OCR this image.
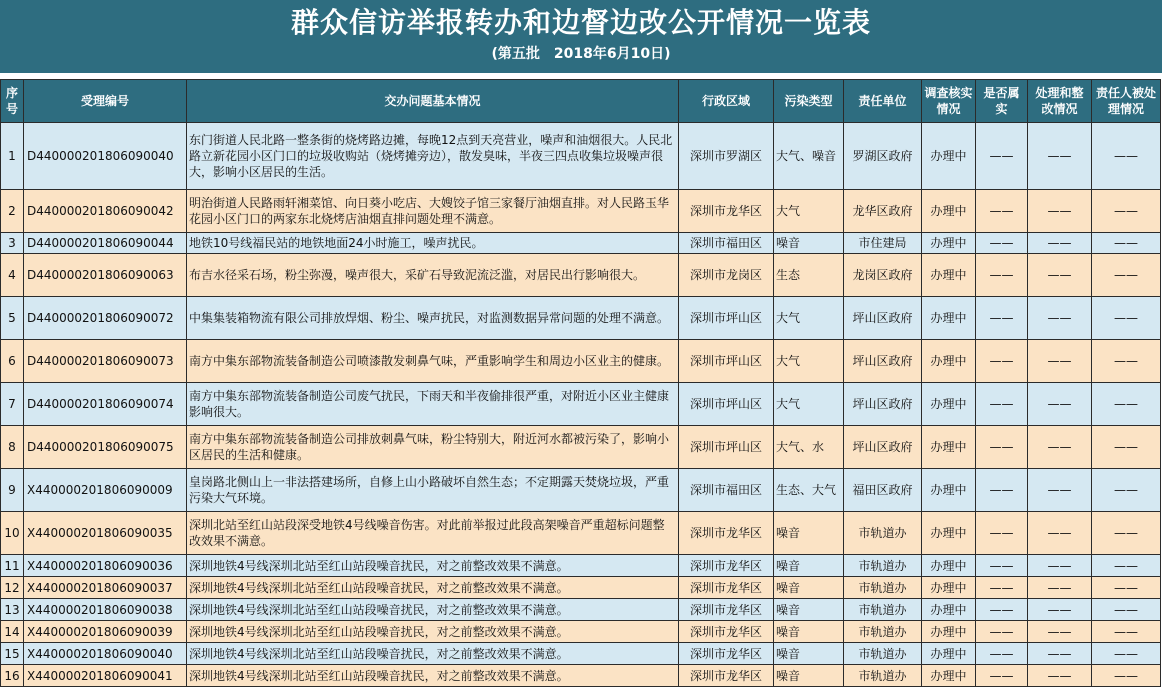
群众信访举报转办和边督边改公开情况一览表
(第五批　2018年6月10日)
序号	受理编号	交办问题基本情况	行政区域	污染类型	责任单位	调查核实情况	是否属实	处理和整改情况	责任人被处理情况
1	D440000201806090040	东门街道人民北路一整条街的烧烤路边摊，每晚12点到天亮营业，噪声和油烟很大。人民北路立新花园小区门口的垃圾收购站（烧烤摊旁边），散发臭味，半夜三四点收集垃圾噪声很大，影响小区居民的生活。	深圳市罗湖区	大气、噪音	罗湖区政府	办理中	——	——	——
2	D440000201806090042	明治街道人民路雨轩湘菜馆、向日葵小吃店、大嫂饺子馆三家餐厅油烟直排。对人民路玉华花园小区门口的两家东北烧烤店油烟直排问题处理不满意。	深圳市龙华区	大气	龙华区政府	办理中	——	——	——
3	D440000201806090044	地铁10号线福民站的地铁地面24小时施工，噪声扰民。	深圳市福田区	噪音	市住建局	办理中	——	——	——
4	D440000201806090063	布吉水径采石场，粉尘弥漫，噪声很大，采矿石导致泥流泛滥，对居民出行影响很大。	深圳市龙岗区	生态	龙岗区政府	办理中	——	——	——
5	D440000201806090072	中集集装箱物流有限公司排放焊烟、粉尘、噪声扰民，对监测数据异常问题的处理不满意。	深圳市坪山区	大气	坪山区政府	办理中	——	——	——
6	D440000201806090073	南方中集东部物流装备制造公司喷漆散发刺鼻气味，严重影响学生和周边小区业主的健康。	深圳市坪山区	大气	坪山区政府	办理中	——	——	——
7	D440000201806090074	南方中集东部物流装备制造公司废气扰民，下雨天和半夜偷排很严重，对附近小区业主健康影响很大。	深圳市坪山区	大气	坪山区政府	办理中	——	——	——
8	D440000201806090075	南方中集东部物流装备制造公司排放刺鼻气味，粉尘特别大，附近河水都被污染了，影响小区居民的生活和健康。	深圳市坪山区	大气、水	坪山区政府	办理中	——	——	——
9	X440000201806090009	皇岗路北侧山上一非法搭建场所，自修上山小路破坏自然生态；不定期露天焚烧垃圾，严重污染大气环境。	深圳市福田区	生态、大气	福田区政府	办理中	——	——	——
10	X440000201806090035	深圳北站至红山站段深受地铁4号线噪音伤害。对此前举报过此段高架噪音严重超标问题整改效果不满意。	深圳市龙华区	噪音	市轨道办	办理中	——	——	——
11	X440000201806090036	深圳地铁4号线深圳北站至红山站段噪音扰民，对之前整改效果不满意。	深圳市龙华区	噪音	市轨道办	办理中	——	——	——
12	X440000201806090037	深圳地铁4号线深圳北站至红山站段噪音扰民，对之前整改效果不满意。	深圳市龙华区	噪音	市轨道办	办理中	——	——	——
13	X440000201806090038	深圳地铁4号线深圳北站至红山站段噪音扰民，对之前整改效果不满意。	深圳市龙华区	噪音	市轨道办	办理中	——	——	——
14	X440000201806090039	深圳地铁4号线深圳北站至红山站段噪音扰民，对之前整改效果不满意。	深圳市龙华区	噪音	市轨道办	办理中	——	——	——
15	X440000201806090040	深圳地铁4号线深圳北站至红山站段噪音扰民，对之前整改效果不满意。	深圳市龙华区	噪音	市轨道办	办理中	——	——	——
16	X440000201806090041	深圳地铁4号线深圳北站至红山站段噪音扰民，对之前整改效果不满意。	深圳市龙华区	噪音	市轨道办	办理中	——	——	——
